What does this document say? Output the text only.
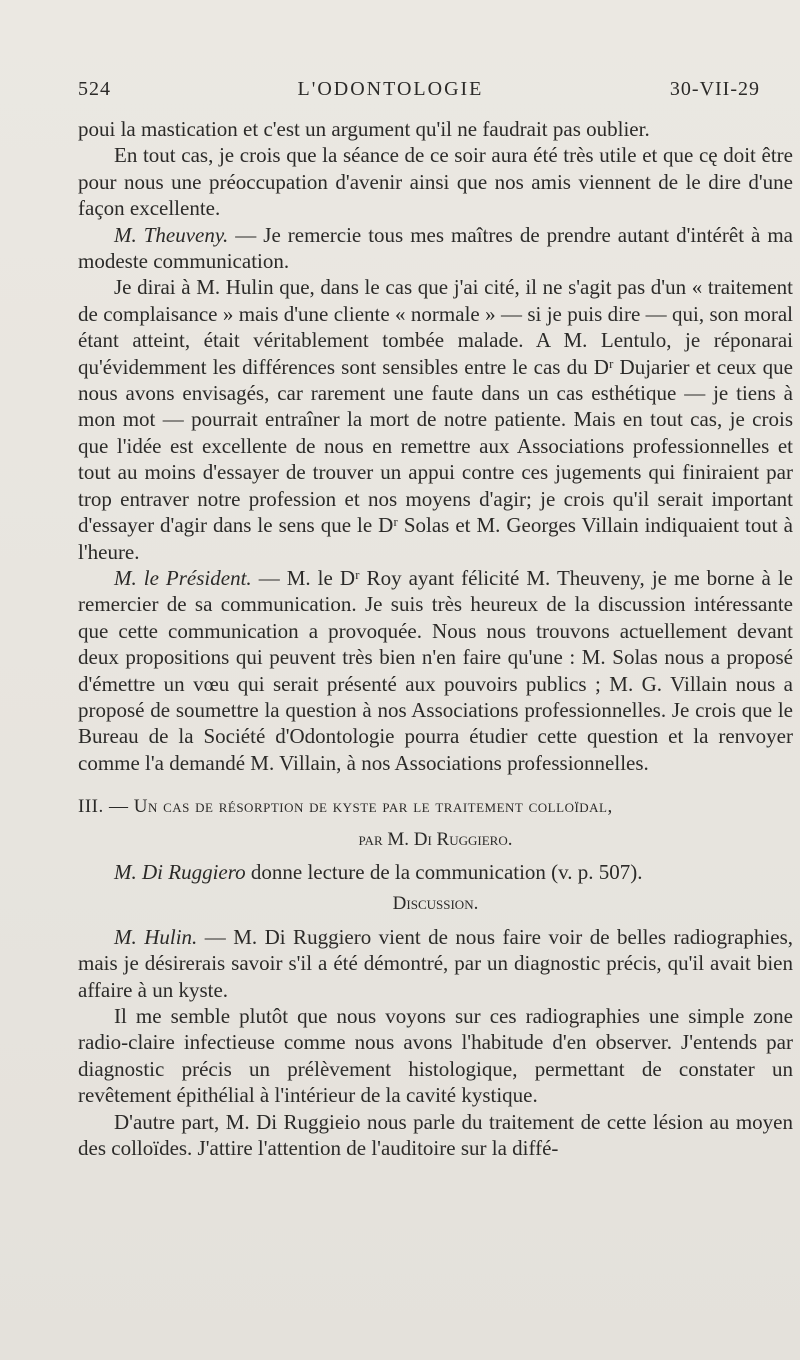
524	L'ODONTOLOGIE	30-VII-29

poui la mastication et c'est un argument qu'il ne faudrait pas oublier.

En tout cas, je crois que la séance de ce soir aura été très utile et que cę doit être pour nous une préoccupation d'avenir ainsi que nos amis viennent de le dire d'une façon excellente.

M. Theuveny. — Je remercie tous mes maîtres de prendre autant d'intérêt à ma modeste communication.

Je dirai à M. Hulin que, dans le cas que j'ai cité, il ne s'agit pas d'un « traitement de complaisance » mais d'une cliente « normale » — si je puis dire — qui, son moral étant atteint, était véritablement tombée malade. A M. Lentulo, je réponarai qu'évidemment les différences sont sensibles entre le cas du Dʳ Dujarier et ceux que nous avons envisagés, car rarement une faute dans un cas esthétique — je tiens à mon mot — pourrait entraîner la mort de notre patiente. Mais en tout cas, je crois que l'idée est excellente de nous en remettre aux Associations professionnelles et tout au moins d'essayer de trouver un appui contre ces jugements qui finiraient par trop entraver notre profession et nos moyens d'agir; je crois qu'il serait important d'essayer d'agir dans le sens que le Dʳ Solas et M. Georges Villain indiquaient tout à l'heure.

M. le Président. — M. le Dʳ Roy ayant félicité M. Theuveny, je me borne à le remercier de sa communication. Je suis très heureux de la discussion intéressante que cette communication a provoquée. Nous nous trouvons actuellement devant deux propositions qui peuvent très bien n'en faire qu'une : M. Solas nous a proposé d'émettre un vœu qui serait présenté aux pouvoirs publics ; M. G. Villain nous a proposé de soumettre la question à nos Associations professionnelles. Je crois que le Bureau de la Société d'Odontologie pourra étudier cette question et la renvoyer comme l'a demandé M. Villain, à nos Associations professionnelles.

III. — Un cas de résorption de kyste par le traitement colloïdal,

par M. Di Ruggiero.

M. Di Ruggiero donne lecture de la communication (v. p. 507).

Discussion.

M. Hulin. — M. Di Ruggiero vient de nous faire voir de belles radiographies, mais je désirerais savoir s'il a été démontré, par un diagnostic précis, qu'il avait bien affaire à un kyste.

Il me semble plutôt que nous voyons sur ces radiographies une simple zone radio-claire infectieuse comme nous avons l'habitude d'en observer. J'entends par diagnostic précis un prélèvement histologique, permettant de constater un revêtement épithélial à l'intérieur de la cavité kystique.

D'autre part, M. Di Ruggieio nous parle du traitement de cette lésion au moyen des colloïdes. J'attire l'attention de l'auditoire sur la diffé-
